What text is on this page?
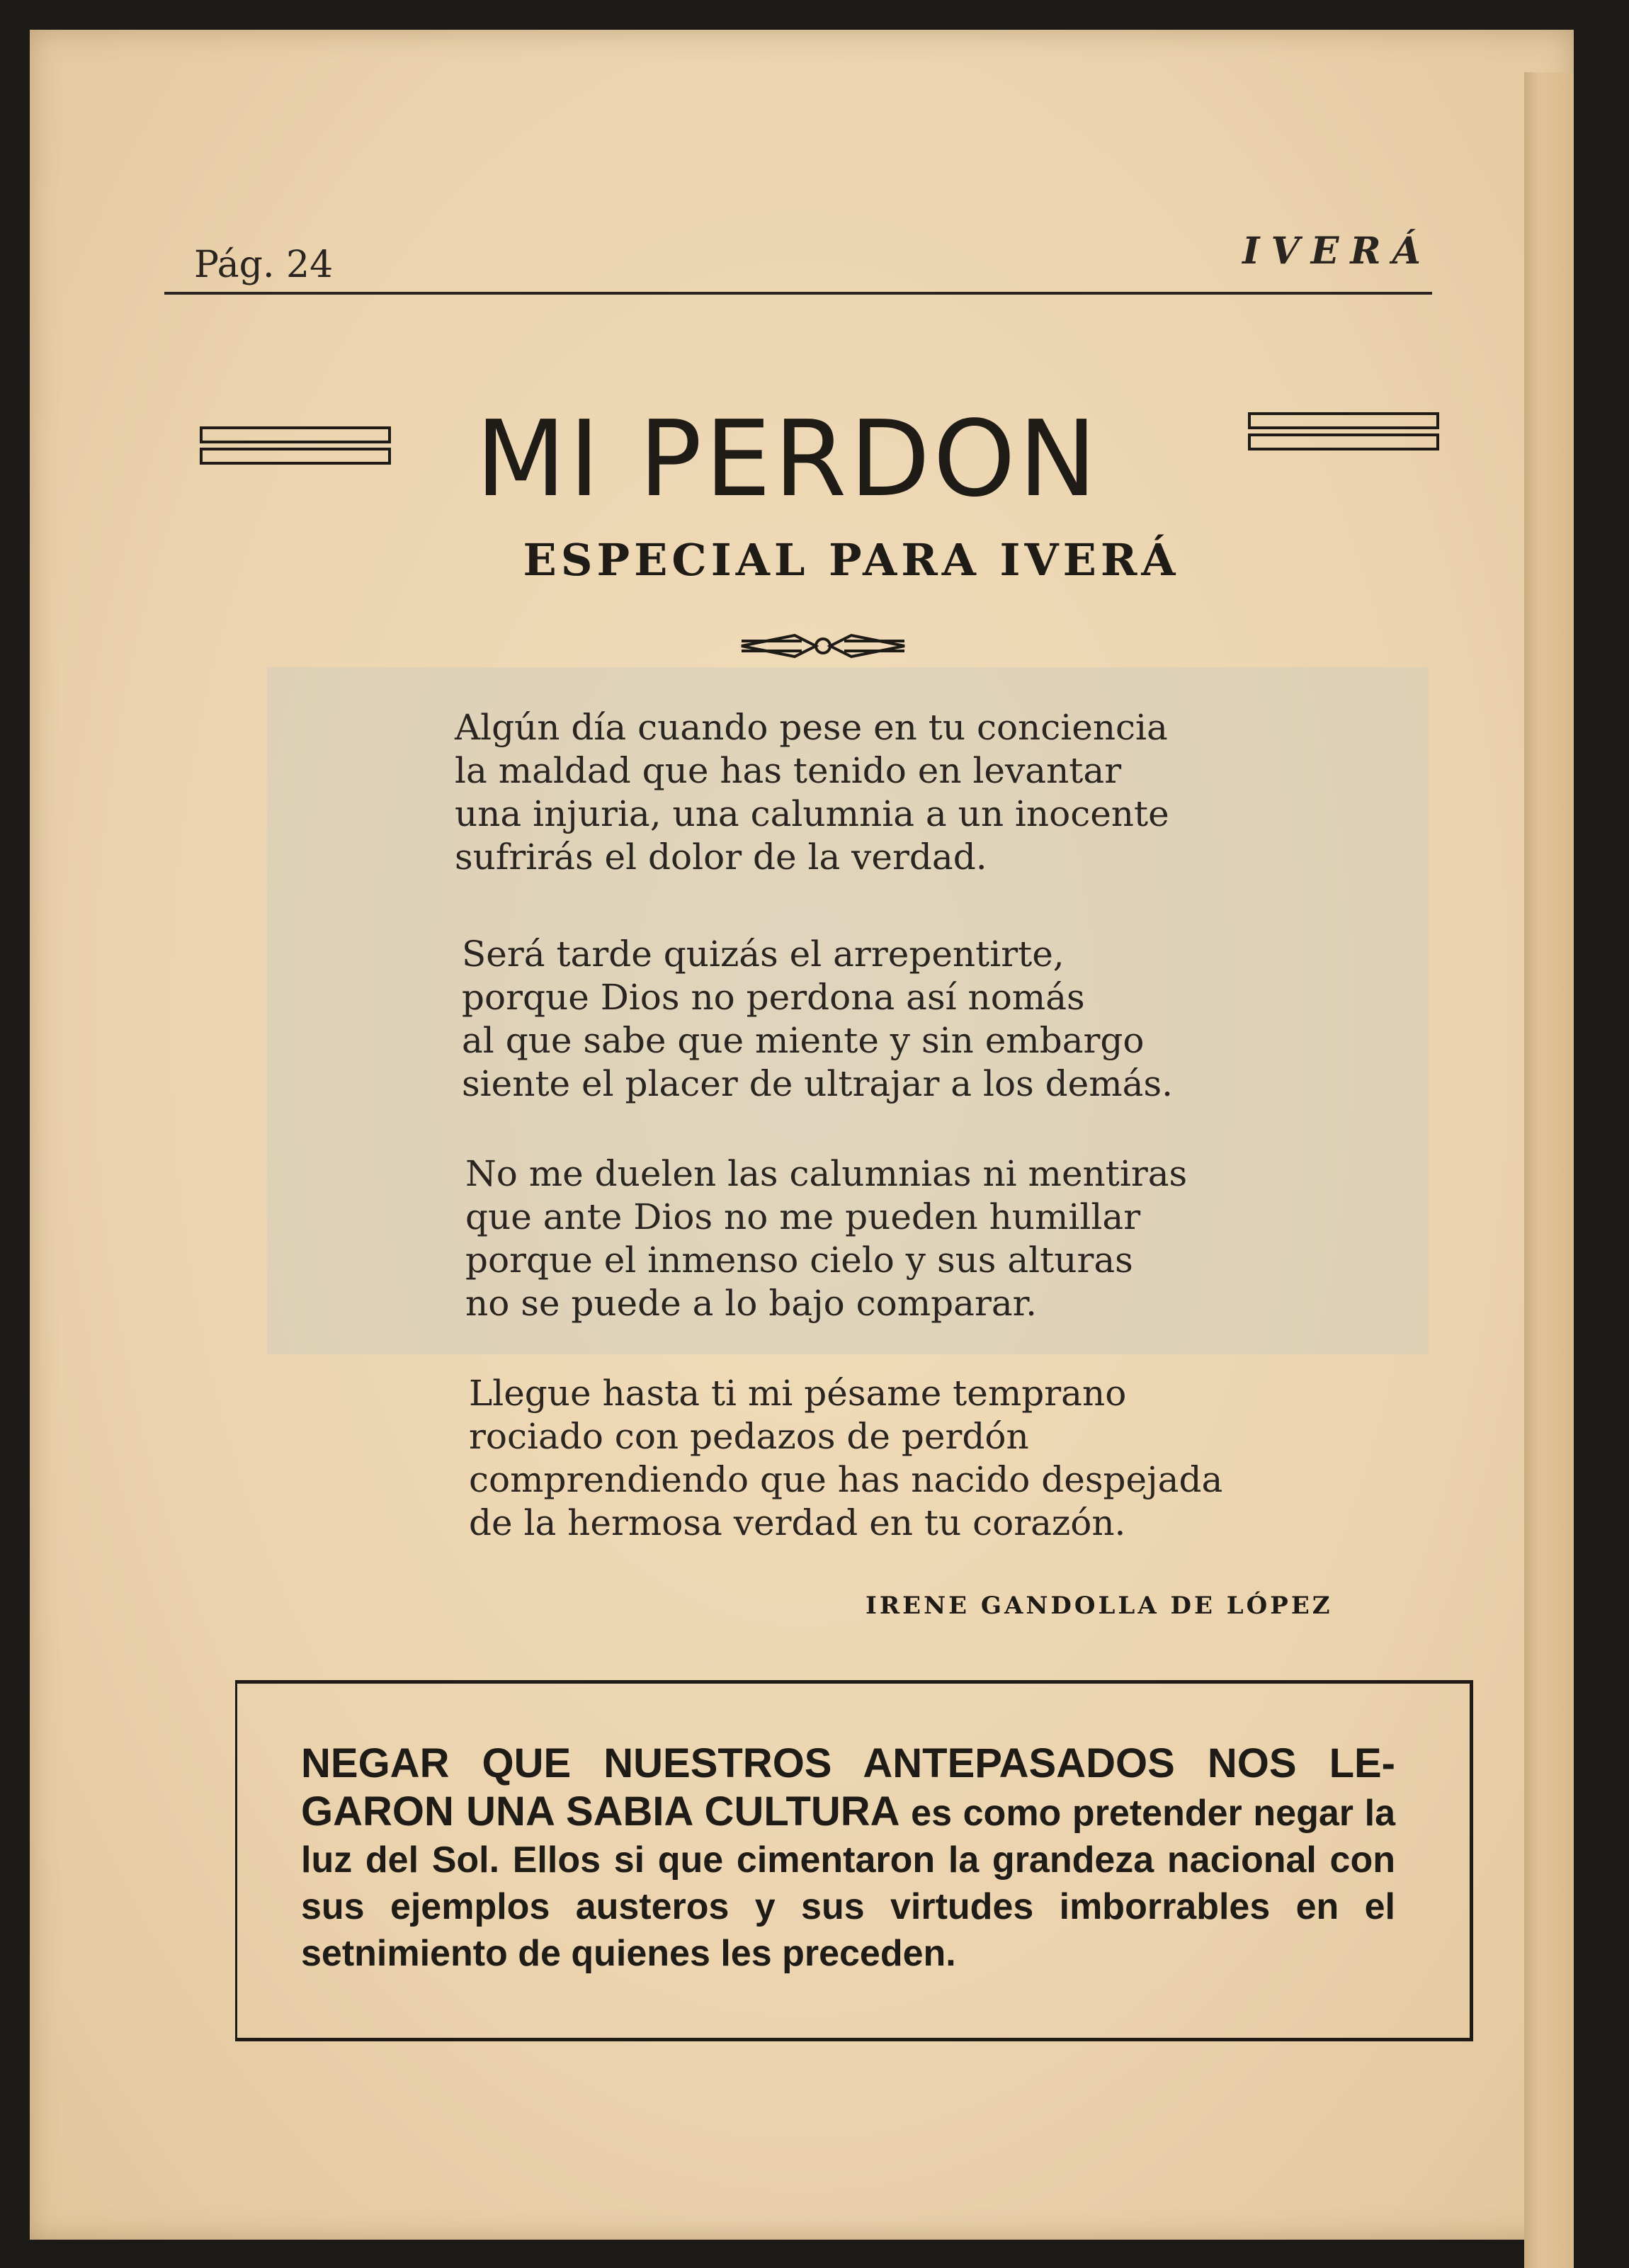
Pág. 24	IVERÁ
MI PERDON
ESPECIAL PARA IVERÁ

Algún día cuando pese en tu conciencia

la maldad que has tenido en levantar

una injuria, una calumnia a un inocente

sufrirás el dolor de la verdad.

Será tarde quizás el arrepentirte,

porque Dios no perdona así nomás

al que sabe que miente y sin embargo

siente el placer de ultrajar a los demás.

No me duelen las calumnias ni mentiras

que ante Dios no me pueden humillar

porque el inmenso cielo y sus alturas

no se puede a lo bajo comparar.

Llegue hasta ti mi pésame temprano

rociado con pedazos de perdón

comprendiendo que has nacido despejada

de la hermosa verdad en tu corazón.

IRENE GANDOLLA DE LÓPEZ
NEGAR QUE NUESTROS ANTEPASADOS NOS LE-GARON UNA SABIA CULTURA es como pretender negar la luz del Sol. Ellos si que cimentaron la grandeza nacional con sus ejemplos austeros y sus virtudes imborrables en el setnimiento de quienes les preceden.
